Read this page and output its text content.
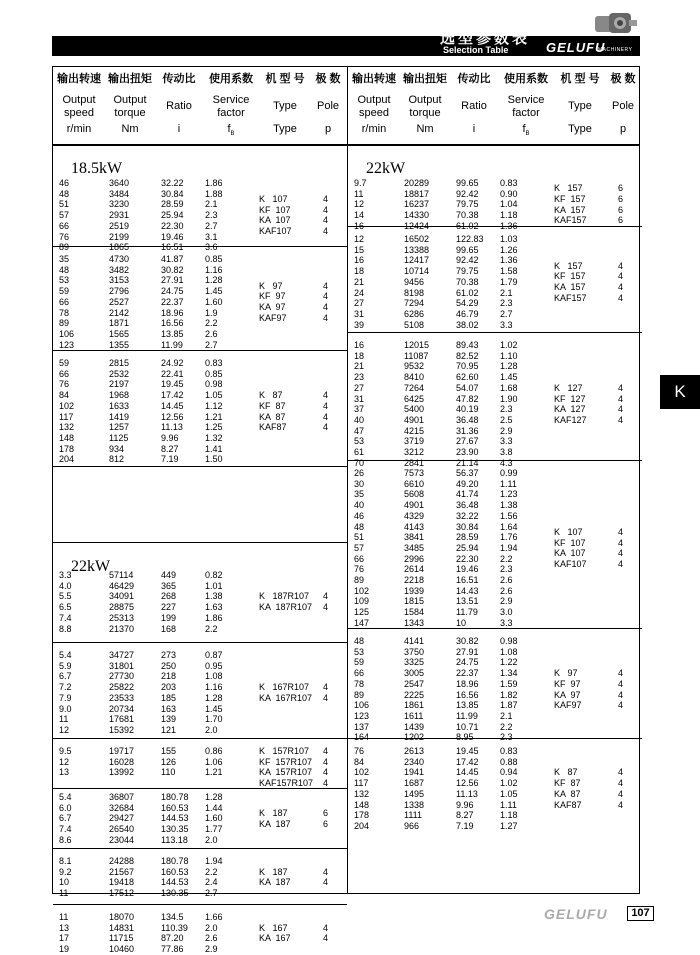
选型参数表
Selection Table	GELUFU
MACHINERY
K
输出转速
Output
speed
r/min
输出扭矩
Output
torque
Nm
传动比
Ratio
i
使用系数
Service
factor
$f_B$
机 型 号
Type
Type
极 数
Pole
p
输出转速
Output
speed
r/min
输出扭矩
Output
torque
Nm
传动比
Ratio
i
使用系数
Service
factor
$f_B$
机 型 号
Type
Type
极 数
Pole
p
18.5kW
46
48
51
57
66
76
89
3640
3484
3230
2931
2519
2199
1865
32.22
30.84
28.59
25.94
22.30
19.46
16.51
1.86
1.88
2.1
2.3
2.7
3.1
3.6
K   107
KF  107
KA  107
KAF107
4
4
4
4
35
48
53
59
66
78
89
106
123
4730
3482
3153
2796
2527
2142
1871
1565
1355
41.87
30.82
27.91
24.75
22.37
18.96
16.56
13.85
11.99
0.85
1.16
1.28
1.45
1.60
1.9
2.2
2.6
2.7
K   97
KF  97
KA  97
KAF97
4
4
4
4
59
66
76
84
102
117
132
148
178
204
2815
2532
2197
1968
1633
1419
1257
1125
934
812
24.92
22.41
19.45
17.42
14.45
12.56
11.13
9.96
8.27
7.19
0.83
0.85
0.98
1.05
1.12
1.21
1.25
1.32
1.41
1.50
K   87
KF  87
KA  87
KAF87
4
4
4
4
22kW
3.3
4.0
5.5
6.5
7.4
8.8
57114
46429
34091
28875
25313
21370
449
365
268
227
199
168
0.82
1.01
1.38
1.63
1.86
2.2
K   187R107
KA  187R107
4
4
5.4
5.9
6.7
7.2
7.9
9.0
11
12
34727
31801
27730
25822
23533
20734
17681
15392
273
250
218
203
185
163
139
121
0.87
0.95
1.08
1.16
1.28
1.45
1.70
2.0
K   167R107
KA  167R107
4
4
9.5
12
13
19717
16028
13992
155
126
110
0.86
1.06
1.21
K   157R107
KF  157R107
KA  157R107
KAF157R107
4
4
4
4
5.4
6.0
6.7
7.4
8.6
36807
32684
29427
26540
23044
180.78
160.53
144.53
130.35
113.18
1.28
1.44
1.60
1.77
2.0
K   187
KA  187
6
6
8.1
9.2
10
11
24288
21567
19418
17512
180.78
160.53
144.53
130.35
1.94
2.2
2.4
2.7
K   187
KA  187
4
4
11
13
17
19
18070
14831
11715
10460
134.5
110.39
87.20
77.86
1.66
2.0
2.6
2.9
K   167
KA  167
4
4
22kW
9.7
11
12
14
16
20289
18817
16237
14330
12424
99.65
92.42
79.75
70.38
61.02
0.83
0.90
1.04
1.18
1.36
K   157
KF  157
KA  157
KAF157
6
6
6
6
12
15
16
18
21
24
27
31
39
16502
13388
12417
10714
9456
8198
7294
6286
5108
122.83
99.65
92.42
79.75
70.38
61.02
54.29
46.79
38.02
1.03
1.26
1.36
1.58
1.79
2.1
2.3
2.7
3.3
K   157
KF  157
KA  157
KAF157
4
4
4
4
16
18
21
23
27
31
37
40
47
53
61
70
12015
11087
9532
8410
7264
6425
5400
4901
4215
3719
3212
2841
89.43
82.52
70.95
62.60
54.07
47.82
40.19
36.48
31.36
27.67
23.90
21.14
1.02
1.10
1.28
1.45
1.68
1.90
2.3
2.5
2.9
3.3
3.8
4.3
K   127
KF  127
KA  127
KAF127
4
4
4
4
26
30
35
40
46
48
51
57
66
76
89
102
109
125
147
7573
6610
5608
4901
4329
4143
3841
3485
2996
2614
2218
1939
1815
1584
1343
56.37
49.20
41.74
36.48
32.22
30.84
28.59
25.94
22.30
19.46
16.51
14.43
13.51
11.79
10
0.99
1.11
1.23
1.38
1.56
1.64
1.76
1.94
2.2
2.3
2.6
2.6
2.9
3.0
3.3
K   107
KF  107
KA  107
KAF107
4
4
4
4
48
53
59
66
78
89
106
123
137
164
4141
3750
3325
3005
2547
2225
1861
1611
1439
1202
30.82
27.91
24.75
22.37
18.96
16.56
13.85
11.99
10.71
8.95
0.98
1.08
1.22
1.34
1.59
1.82
1.87
2.1
2.2
2.3
K   97
KF  97
KA  97
KAF97
4
4
4
4
76
84
102
117
132
148
178
204
2613
2340
1941
1687
1495
1338
1111
966
19.45
17.42
14.45
12.56
11.13
9.96
8.27
7.19
0.83
0.88
0.94
1.02
1.05
1.11
1.18
1.27
K   87
KF  87
KA  87
KAF87
4
4
4
4
GELUFU	107
